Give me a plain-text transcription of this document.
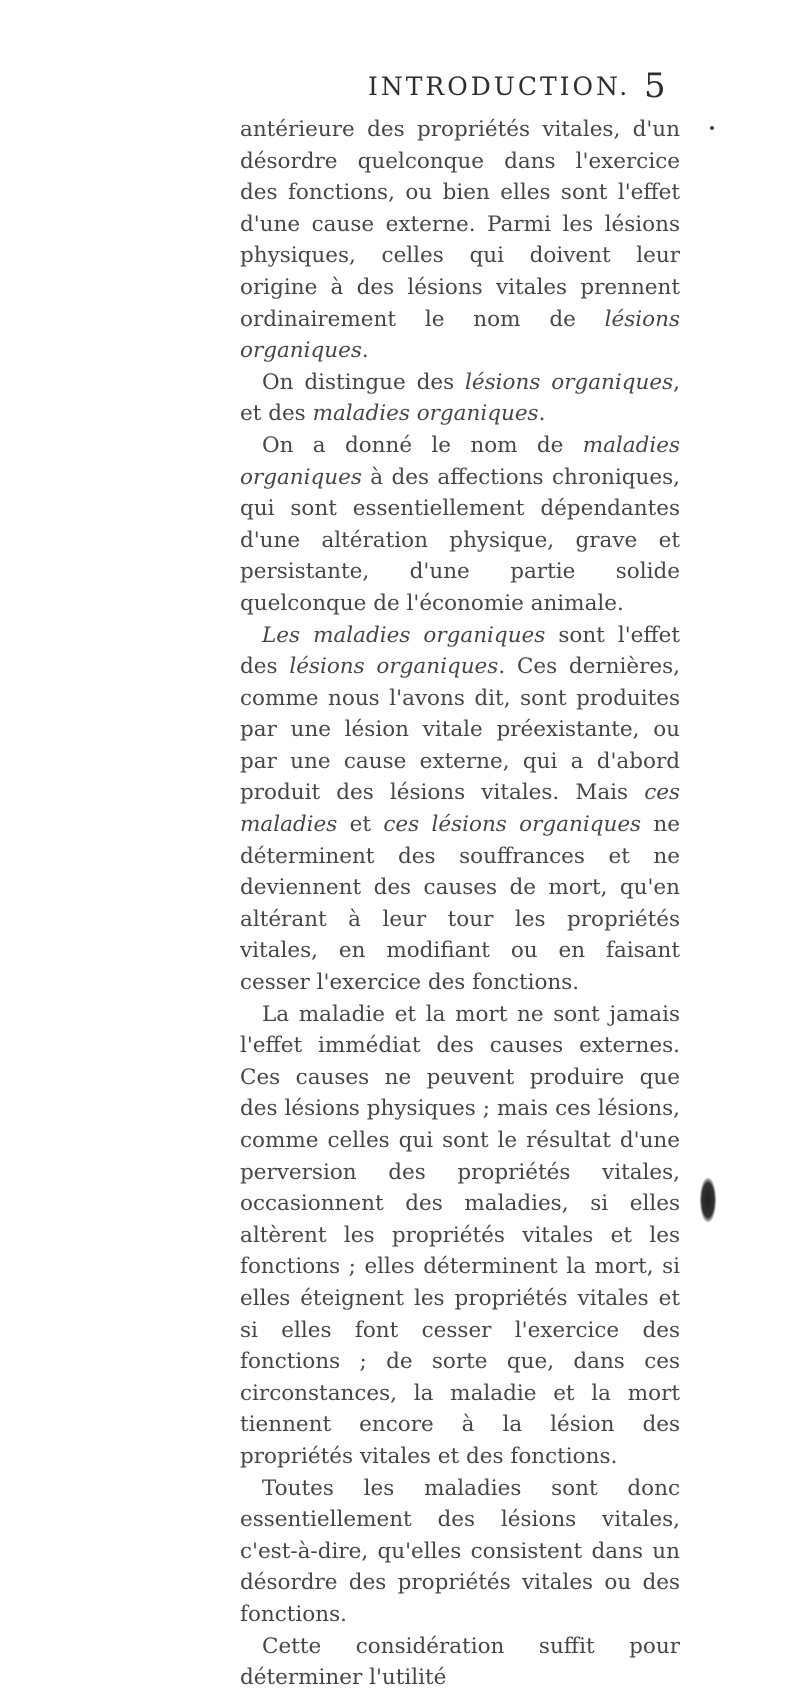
INTRODUCTION. 5

antérieure des propriétés vitales, d'un désordre quelconque dans l'exercice des fonctions, ou bien elles sont l'effet d'une cause externe. Parmi les lésions physiques, celles qui doivent leur origine à des lésions vitales prennent ordinairement le nom de lésions organiques.

On distingue des lésions organiques, et des maladies organiques.

On a donné le nom de maladies organiques à des affections chroniques, qui sont essentiellement dépendantes d'une altération physique, grave et persistante, d'une partie solide quelconque de l'économie animale.

Les maladies organiques sont l'effet des lésions organiques. Ces dernières, comme nous l'avons dit, sont produites par une lésion vitale préexistante, ou par une cause externe, qui a d'abord produit des lésions vitales. Mais ces maladies et ces lésions organiques ne déterminent des souffrances et ne deviennent des causes de mort, qu'en altérant à leur tour les propriétés vitales, en modifiant ou en faisant cesser l'exercice des fonctions.

La maladie et la mort ne sont jamais l'effet immédiat des causes externes. Ces causes ne peuvent produire que des lésions physiques ; mais ces lésions, comme celles qui sont le résultat d'une perversion des propriétés vitales, occasionnent des maladies, si elles altèrent les propriétés vitales et les fonctions ; elles déterminent la mort, si elles éteignent les propriétés vitales et si elles font cesser l'exercice des fonctions ; de sorte que, dans ces circonstances, la maladie et la mort tiennent encore à la lésion des propriétés vitales et des fonctions.

Toutes les maladies sont donc essentiellement des lésions vitales, c'est-à-dire, qu'elles consistent dans un désordre des propriétés vitales ou des fonctions.

Cette considération suffit pour déterminer l'utilité
